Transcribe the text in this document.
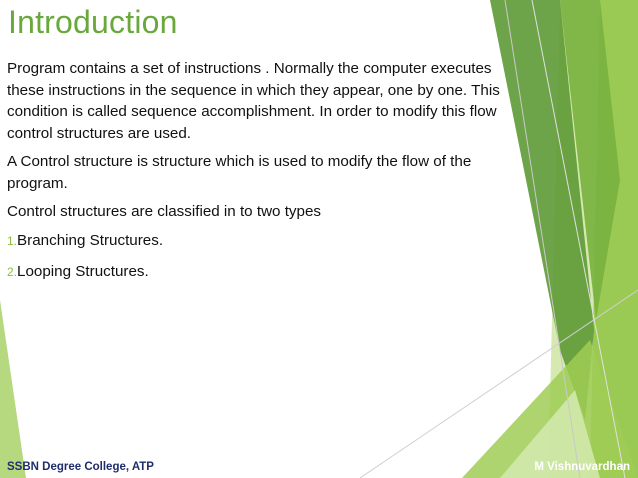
Introduction

Program contains a set of instructions . Normally the computer executes these instructions in the sequence in which they appear, one by one. This condition is called sequence accomplishment. In order to modify this flow control structures are used.

A Control structure is structure which is used to modify the flow of the program.

Control structures are classified in to two types

1.Branching Structures.
2.Looping Structures.
SSBN Degree College, ATP	M Vishnuvardhan
